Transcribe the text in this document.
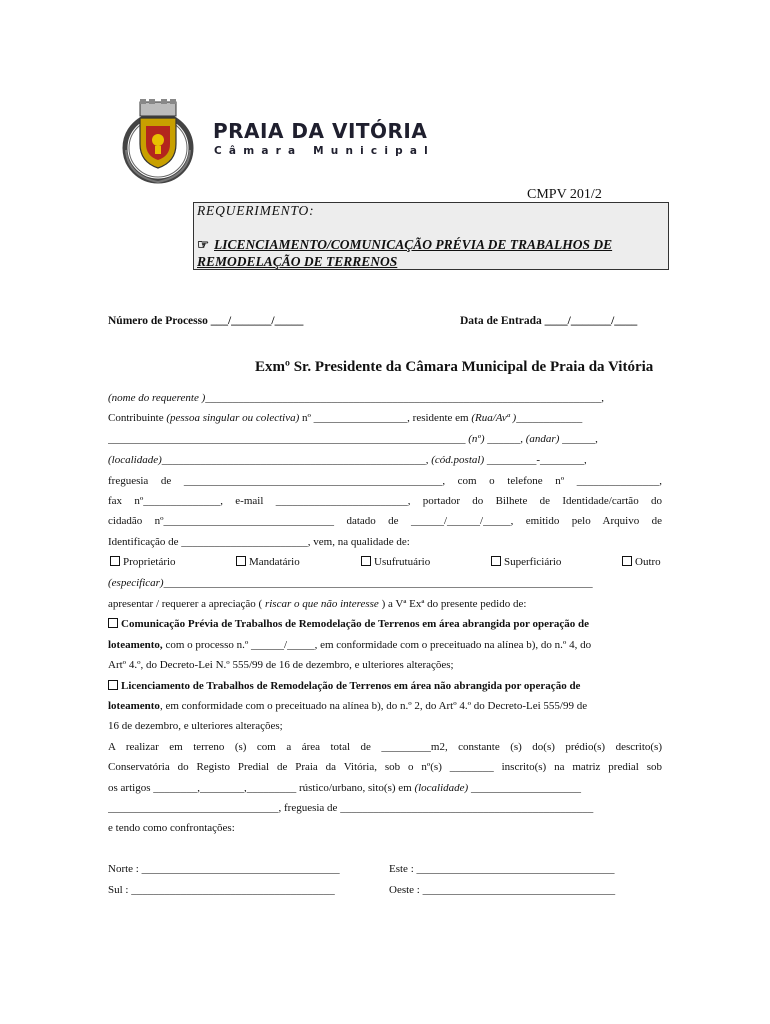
PRAIA DA VITÓRIA
Câmara Municipal
CMPV 201/2
REQUERIMENTO:
☞ LICENCIAMENTO/COMUNICAÇÃO PRÉVIA DE TRABALHOS DE REMODELAÇÃO DE TERRENOS
Número de Processo ___/_______/_____	Data de Entrada ____/_______/____
Exmº Sr. Presidente da Câmara Municipal de Praia da Vitória
(nome do requerente )________________________________________________________________________,
Contribuinte (pessoa singular ou colectiva) nº _________________, residente em (Rua/Avª )____________
_________________________________________________________________ (nº) ______, (andar) ______,
(localidade)________________________________________________, (cód.postal) _________-________,
freguesia de _______________________________________________, com o telefone nº _______________,
fax nº______________, e-mail ________________________, portador do Bilhete de Identidade/cartão do
cidadão nº_______________________________ datado de ______/______/_____, emitido pelo Arquivo de
Identificação de _______________________, vem, na qualidade de:
Proprietário	Mandatário	Usufrutuário	Superficiário	Outro
(especificar)______________________________________________________________________________
apresentar / requerer a apreciação ( riscar o que não interesse ) a Vª Exª do presente pedido de:
Comunicação Prévia de Trabalhos de Remodelação de Terrenos em área abrangida por operação de
loteamento, com o processo n.º ______/_____, em conformidade com o preceituado na alínea b), do n.º 4, do
Artº 4.º, do Decreto-Lei N.º 555/99 de 16 de dezembro, e ulteriores alterações;
Licenciamento de Trabalhos de Remodelação de Terrenos em área não abrangida por operação de
loteamento, em conformidade com o preceituado na alínea b), do n.º 2, do Artº 4.º do Decreto-Lei 555/99 de
16 de dezembro, e ulteriores alterações;
A realizar em terreno (s) com a área total de _________m2, constante (s) do(s) prédio(s) descrito(s)
Conservatória do Registo Predial de Praia da Vitória, sob o nº(s) ________ inscrito(s) na matriz predial sob
os artigos ________,________,_________ rústico/urbano, sito(s) em (localidade) ____________________
_______________________________, freguesia de ______________________________________________
e tendo como confrontações:
Norte : ____________________________________	Este : ____________________________________
Sul : _____________________________________	Oeste : ___________________________________
